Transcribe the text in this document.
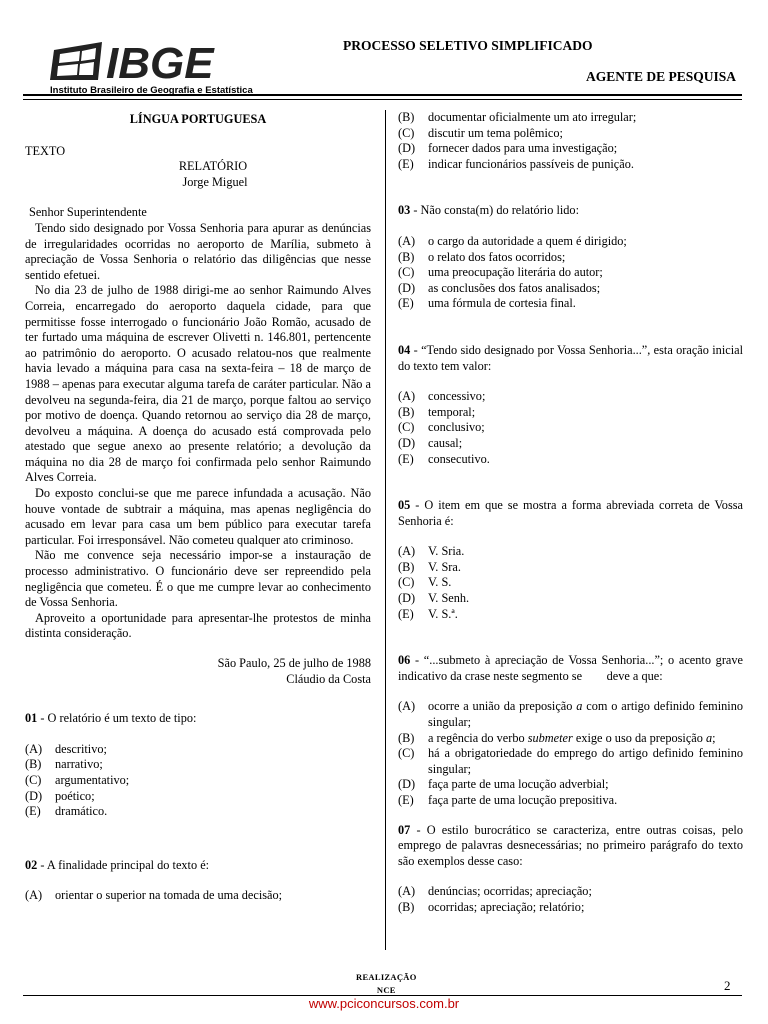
IBGE
Instituto Brasileiro de Geografia e Estatística
PROCESSO SELETIVO SIMPLIFICADO
AGENTE DE PESQUISA
LÍNGUA PORTUGUESA

TEXTO

RELATÓRIO

Jorge Miguel

Senhor Superintendente

Tendo sido designado por Vossa Senhoria para apurar as denúncias de irregularidades ocorridas no aeroporto de Marília, submeto à apreciação de Vossa Senhoria o relatório das diligências que nesse sentido efetuei.

No dia 23 de julho de 1988 dirigi-me ao senhor Raimundo Alves Correia, encarregado do aeroporto daquela cidade, para que permitisse fosse interrogado o funcionário João Romão, acusado de ter furtado uma máquina de escrever Olivetti n. 146.801, pertencente ao patrimônio do aeroporto. O acusado relatou-nos que realmente havia levado a máquina para casa na sexta-feira – 18 de março de 1988 – apenas para executar alguma tarefa de caráter particular. Não a devolveu na segunda-feira, dia 21 de março, porque faltou ao serviço por motivo de doença. Quando retornou ao serviço dia 28 de março, devolveu a máquina. A doença do acusado está comprovada pelo atestado que segue anexo ao presente relatório; a devolução da máquina no dia 28 de março foi confirmada pelo senhor Raimundo Alves Correia.

Do exposto conclui-se que me parece infundada a acusação. Não houve vontade de subtrair a máquina, mas apenas negligência do acusado em levar para casa um bem público para executar tarefa particular. Foi irresponsável. Não cometeu qualquer ato criminoso.

Não me convence seja necessário impor-se a instauração de processo administrativo. O funcionário deve ser repreendido pela negligência que cometeu. É o que me cumpre levar ao conhecimento de Vossa Senhoria.

Aproveito a oportunidade para apresentar-lhe protestos de minha distinta consideração.

São Paulo, 25 de julho de 1988

Cláudio da Costa

01 - O relatório é um texto de tipo:

(A)	descritivo;
(B)	narrativo;
(C)	argumentativo;
(D)	poético;
(E)	dramático.

02 - A finalidade principal do texto é:

(A)	orientar o superior na tomada de uma decisão;
(B)	documentar oficialmente um ato irregular;
(C)	discutir um tema polêmico;
(D)	fornecer dados para uma investigação;
(E)	indicar funcionários passíveis de punição.

03 - Não consta(m) do relatório lido:

(A)	o cargo da autoridade a quem é dirigido;
(B)	o relato dos fatos ocorridos;
(C)	uma preocupação literária do autor;
(D)	as conclusões dos fatos analisados;
(E)	uma fórmula de cortesia final.

04 - “Tendo sido designado por Vossa Senhoria...”, esta oração inicial do texto tem valor:

(A)	concessivo;
(B)	temporal;
(C)	conclusivo;
(D)	causal;
(E)	consecutivo.

05 - O item em que se mostra a forma abreviada correta de Vossa Senhoria é:

(A)	V. Sria.
(B)	V. Sra.
(C)	V. S.
(D)	V. Senh.
(E)	V. S.ª.

06 - “...submeto à apreciação de Vossa Senhoria...”; o acento grave indicativo da crase neste segmento se        deve a que:

(A)	ocorre a união da preposição a com o artigo definido feminino singular;
(B)	a regência do verbo submeter exige o uso da preposição a;
(C)	há a obrigatoriedade do emprego do artigo definido feminino singular;
(D)	faça parte de uma locução adverbial;
(E)	faça parte de uma locução prepositiva.

07 - O estilo burocrático se caracteriza, entre outras coisas, pelo emprego de palavras desnecessárias; no primeiro parágrafo do texto são exemplos desse caso:

(A)	denúncias; ocorridas; apreciação;
(B)	ocorridas; apreciação; relatório;
REALIZAÇÃO
NCE	2
www.pciconcursos.com.br
